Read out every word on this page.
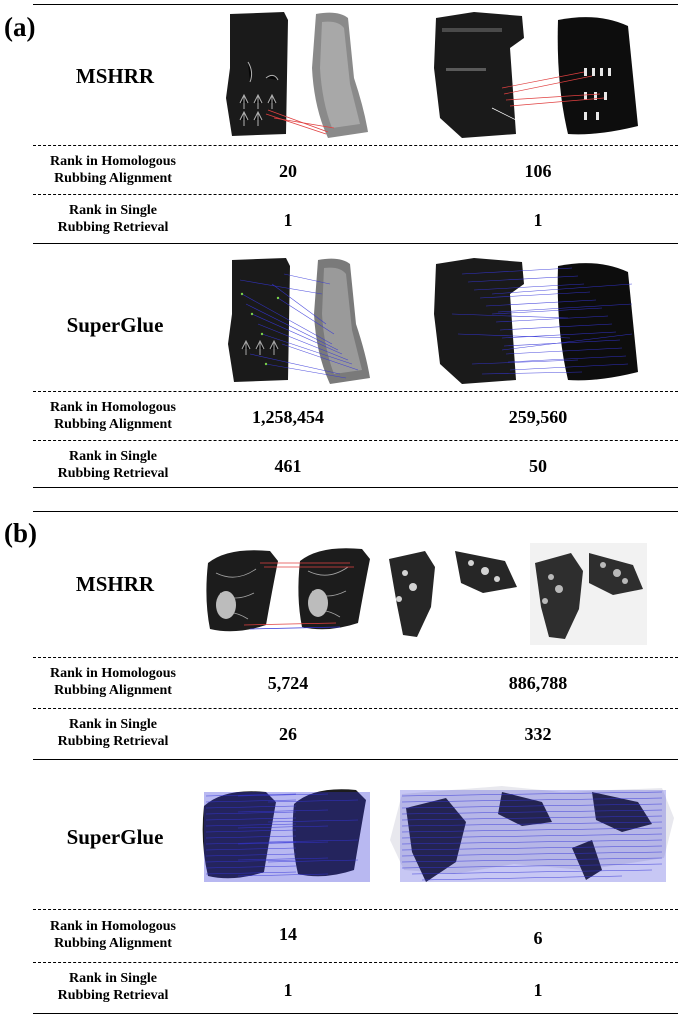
(a)
MSHRR
Rank in Homologous
Rubbing Alignment	20	106
Rank in Single
Rubbing Retrieval	1	1
SuperGlue
Rank in Homologous
Rubbing Alignment	1,258,454	259,560
Rank in Single
Rubbing Retrieval	461	50
(b)
MSHRR
Rank in Homologous
Rubbing Alignment	5,724	886,788
Rank in Single
Rubbing Retrieval	26	332
SuperGlue
Rank in Homologous
Rubbing Alignment	14	6
Rank in Single
Rubbing Retrieval	1	1
